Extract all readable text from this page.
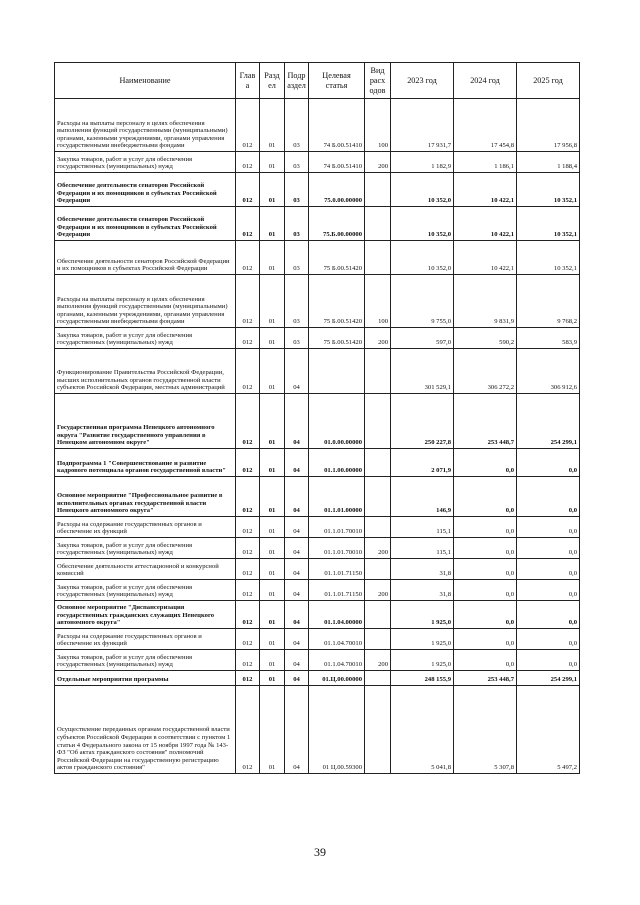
Наименование	Глав а	Разд ел	Подр аздел	Целевая статья	Вид расх одов	2023 год	2024 год	2025 год
Расходы на выплаты персоналу в целях обеспечения выполнения функций государственными (муниципальными) органами, казенными учреждениями, органами управления государственными внебюджетными фондами	012	01	03	74 Б.00.51410	100	17 931,7	17 454,8	17 956,8
Закупка товаров, работ и услуг для обеспечения государственных (муниципальных) нужд	012	01	03	74 Б.00.51410	200	1 182,9	1 186,1	1 188,4
Обеспечение деятельности сенаторов Российской Федерации и их помощников в субъектах Российской Федерации	012	01	03	75.0.00.00000		10 352,0	10 422,1	10 352,1
Обеспечение деятельности сенаторов Российской Федерации и их помощников в субъектах Российской Федерации	012	01	03	75.Б.00.00000		10 352,0	10 422,1	10 352,1
Обеспечение деятельности сенаторов Российской Федерации и их помощников в субъектах Российской Федерации	012	01	03	75 Б.00.51420		10 352,0	10 422,1	10 352,1
Расходы на выплаты персоналу в целях обеспечения выполнения функций государственными (муниципальными) органами, казенными учреждениями, органами управления государственными внебюджетными фондами	012	01	03	75 Б.00.51420	100	9 755,0	9 831,9	9 768,2
Закупка товаров, работ и услуг для обеспечения государственных (муниципальных) нужд	012	01	03	75 Б.00.51420	200	597,0	590,2	583,9
Функционирование Правительства Российской Федерации, высших исполнительных органов государственной власти субъектов Российской Федерации, местных администраций	012	01	04			301 529,1	306 272,2	306 912,6
Государственная программа Ненецкого автономного округа "Развитие государственного управления в Ненецком автономном округе"	012	01	04	01.0.00.00000		250 227,8	253 448,7	254 299,1
Подпрограмма 1 "Совершенствование и развитие кадрового потенциала органов государственной власти"	012	01	04	01.1.00.00000		2 071,9	0,0	0,0
Основное мероприятие "Профессиональное развитие в исполнительных органах государственной власти Ненецкого автономного округа"	012	01	04	01.1.01.00000		146,9	0,0	0,0
Расходы на содержание государственных органов и обеспечение их функций	012	01	04	01.1.01.70010		115,1	0,0	0,0
Закупка товаров, работ и услуг для обеспечения государственных (муниципальных) нужд	012	01	04	01.1.01.70010	200	115,1	0,0	0,0
Обеспечение деятельности аттестационной и конкурсной комиссий	012	01	04	01.1.01.71150		31,8	0,0	0,0
Закупка товаров, работ и услуг для обеспечения государственных (муниципальных) нужд	012	01	04	01.1.01.71150	200	31,8	0,0	0,0
Основное мероприятие "Диспансеризация государственных гражданских служащих Ненецкого автономного округа"	012	01	04	01.1.04.00000		1 925,0	0,0	0,0
Расходы на содержание государственных органов и обеспечение их функций	012	01	04	01.1.04.70010		1 925,0	0,0	0,0
Закупка товаров, работ и услуг для обеспечения государственных (муниципальных) нужд	012	01	04	01.1.04.70010	200	1 925,0	0,0	0,0
Отдельные мероприятия программы	012	01	04	01.Ц.00.00000		248 155,9	253 448,7	254 299,1
Осуществление переданных органам государственной власти субъектов Российской Федерации в соответствии с пунктом 1 статьи 4 Федерального закона от 15 ноября 1997 года № 143-ФЗ "Об актах гражданского состояния" полномочий Российской Федерации на государственную регистрацию актов гражданского состояния"	012	01	04	01 Ц.00.59300		5 041,8	5 307,8	5 497,2
39
